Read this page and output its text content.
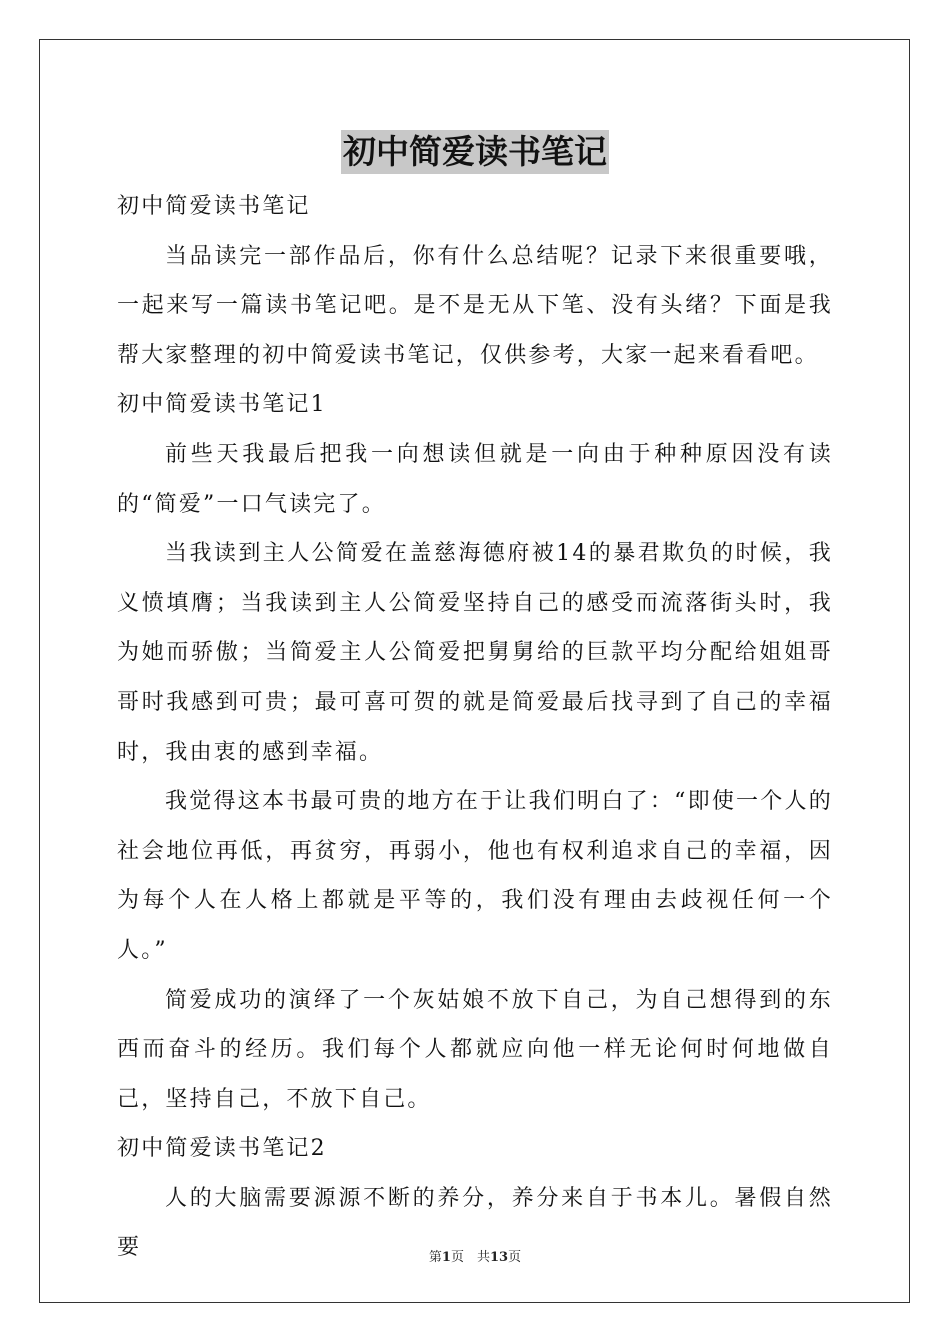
初中简爱读书笔记

初中简爱读书笔记

当品读完一部作品后，你有什么总结呢？记录下来很重要哦，一起来写一篇读书笔记吧。是不是无从下笔、没有头绪？下面是我帮大家整理的初中简爱读书笔记，仅供参考，大家一起来看看吧。

初中简爱读书笔记1

前些天我最后把我一向想读但就是一向由于种种原因没有读的“简爱”一口气读完了。

当我读到主人公简爱在盖慈海德府被14的暴君欺负的时候，我义愤填膺；当我读到主人公简爱坚持自己的感受而流落街头时，我为她而骄傲；当简爱主人公简爱把舅舅给的巨款平均分配给姐姐哥哥时我感到可贵；最可喜可贺的就是简爱最后找寻到了自己的幸福时，我由衷的感到幸福。

我觉得这本书最可贵的地方在于让我们明白了：“即使一个人的社会地位再低，再贫穷，再弱小，他也有权利追求自己的幸福，因为每个人在人格上都就是平等的，我们没有理由去歧视任何一个人。”

简爱成功的演绎了一个灰姑娘不放下自己，为自己想得到的东西而奋斗的经历。我们每个人都就应向他一样无论何时何地做自己，坚持自己，不放下自己。

初中简爱读书笔记2

人的大脑需要源源不断的养分，养分来自于书本儿。暑假自然要	第1页　共13页
